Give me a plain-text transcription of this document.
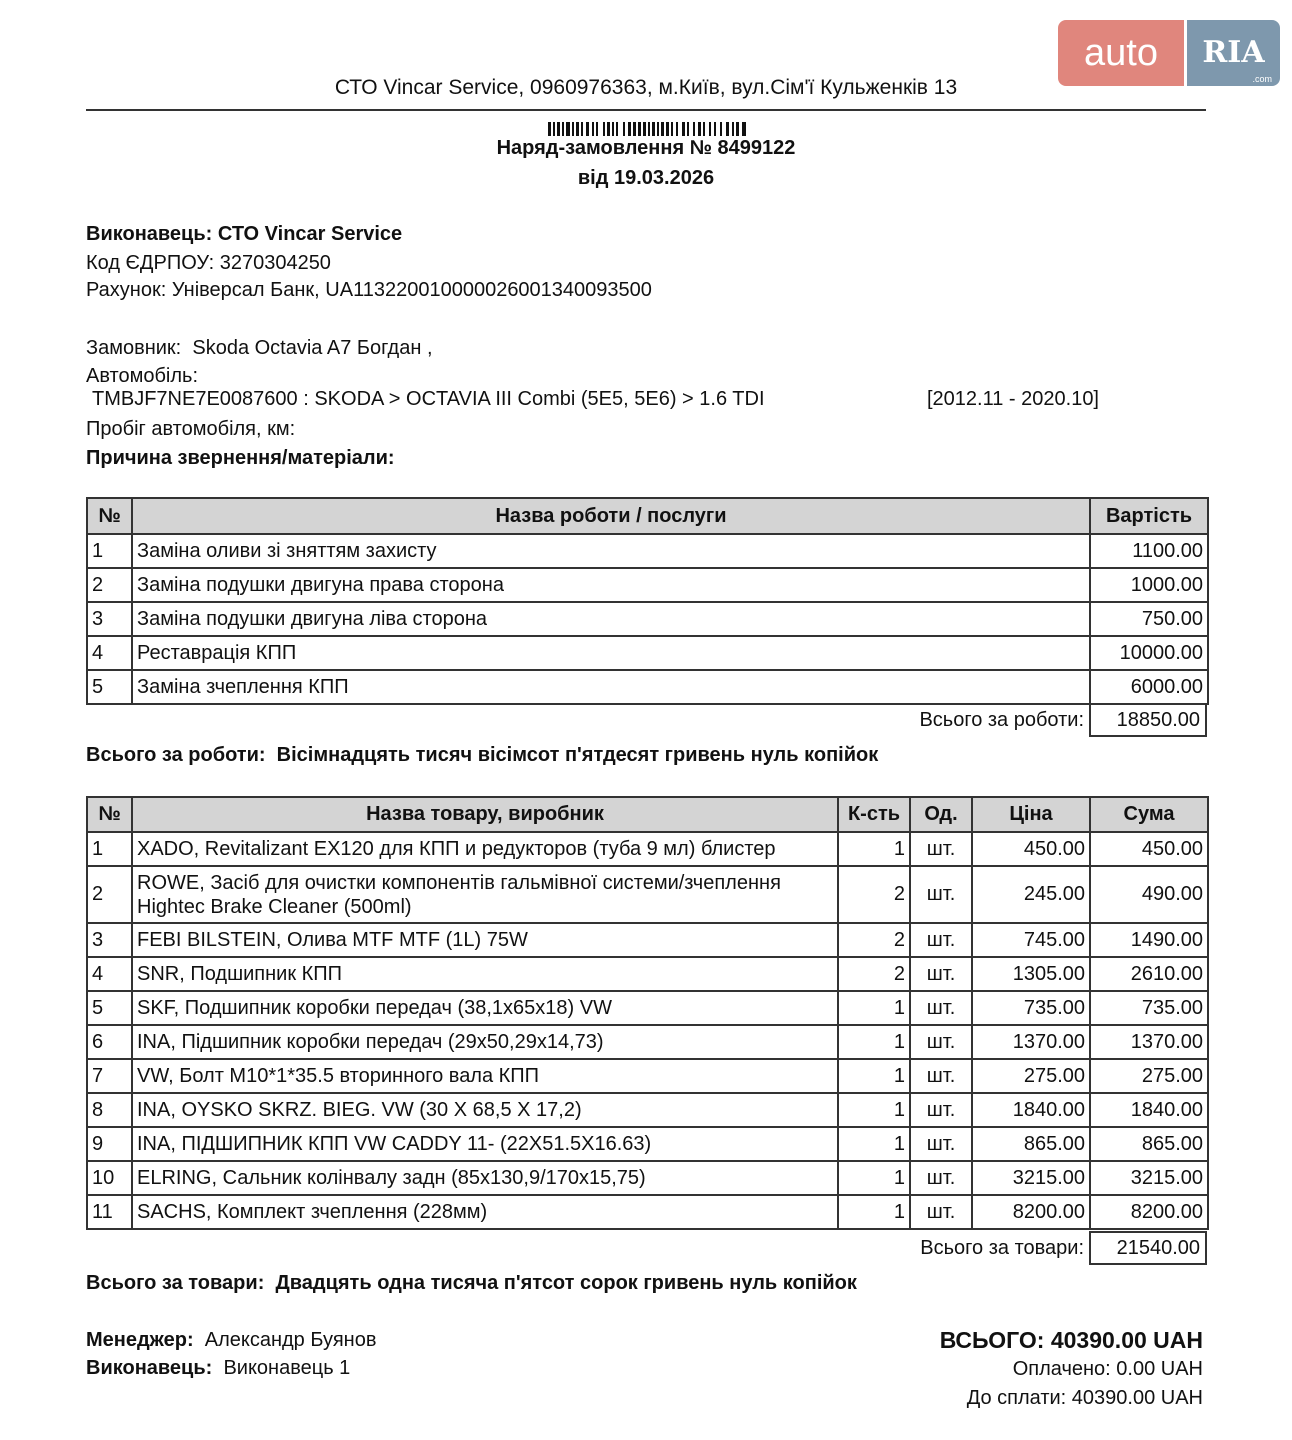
auto	RIA
.com
СТО Vincar Service, 0960976363, м.Київ, вул.Сім'ї Кульженків 13
Наряд-замовлення № 8499122
від 19.03.2026
Виконавець: СТО Vincar Service
Код ЄДРПОУ: 3270304250
Рахунок: Універсал Банк, UA113220010000026001340093500
Замовник: Skoda Octavia A7 Богдан ,
Автомобіль:
TMBJF7NE7E0087600 : SKODA > OCTAVIA III Combi (5E5, 5E6) > 1.6 TDI	[2012.11 - 2020.10]
Пробіг автомобіля, км:
Причина звернення/матеріали:
№	Назва роботи / послуги	Вартість
1	Заміна оливи зі зняттям захисту	1100.00
2	Заміна подушки двигуна права сторона	1000.00
3	Заміна подушки двигуна ліва сторона	750.00
4	Реставрація КПП	10000.00
5	Заміна зчеплення КПП	6000.00
Всього за роботи:	18850.00
Всього за роботи: Вісімнадцять тисяч вісімсот п'ятдесят гривень нуль копійок
№	Назва товару, виробник	К-сть	Од.	Ціна	Сума
1	XADO, Revitalizant EX120 для КПП и редукторов (туба 9 мл) блистер	1	шт.	450.00	450.00
2	ROWE, Засіб для очистки компонентів гальмівної системи/зчеплення Hightec Brake Cleaner (500ml)	2	шт.	245.00	490.00
3	FEBI BILSTEIN, Олива MTF MTF (1L) 75W	2	шт.	745.00	1490.00
4	SNR, Подшипник КПП	2	шт.	1305.00	2610.00
5	SKF, Подшипник коробки передач (38,1x65x18) VW	1	шт.	735.00	735.00
6	INA, Підшипник коробки передач (29x50,29x14,73)	1	шт.	1370.00	1370.00
7	VW, Болт M10*1*35.5 вторинного вала КПП	1	шт.	275.00	275.00
8	INA, OYSKO SKRZ. BIEG. VW (30 X 68,5 X 17,2)	1	шт.	1840.00	1840.00
9	INA, ПІДШИПНИК КПП VW CADDY 11- (22X51.5X16.63)	1	шт.	865.00	865.00
10	ELRING, Сальник колінвалу задн (85x130,9/170x15,75)	1	шт.	3215.00	3215.00
11	SACHS, Комплект зчеплення (228мм)	1	шт.	8200.00	8200.00
Всього за товари:	21540.00
Всього за товари: Двадцять одна тисяча п'ятсот сорок гривень нуль копійок
Менеджер: Александр Буянов
Виконавець: Виконавець 1
ВСЬОГО: 40390.00 UAH
Оплачено: 0.00 UAH
До сплати: 40390.00 UAH
